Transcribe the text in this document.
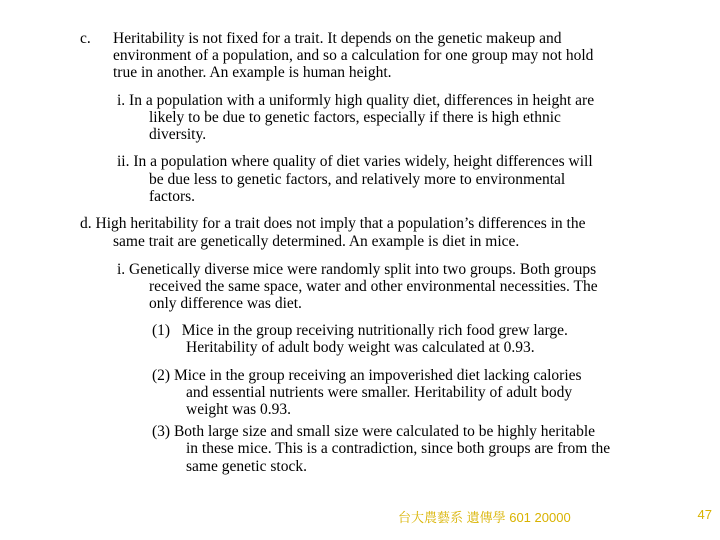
c. Heritability is not fixed for a trait. It depends on the genetic makeup and
environment of a population, and so a calculation for one group may not hold
true in another. An example is human height.
i. In a population with a uniformly high quality diet, differences in height are
likely to be due to genetic factors, especially if there is high ethnic
diversity.
ii. In a population where quality of diet varies widely, height differences will
be due less to genetic factors, and relatively more to environmental
factors.
d. High heritability for a trait does not imply that a population’s differences in the
same trait are genetically determined. An example is diet in mice.
i. Genetically diverse mice were randomly split into two groups. Both groups
received the same space, water and other environmental necessities. The
only difference was diet.
(1)   Mice in the group receiving nutritionally rich food grew large.
Heritability of adult body weight was calculated at 0.93.
(2) Mice in the group receiving an impoverished diet lacking calories
and essential nutrients were smaller. Heritability of adult body
weight was 0.93.
(3) Both large size and small size were calculated to be highly heritable
in these mice. This is a contradiction, since both groups are from the
same genetic stock.
台大農藝系 遺傳學 601 20000	47
